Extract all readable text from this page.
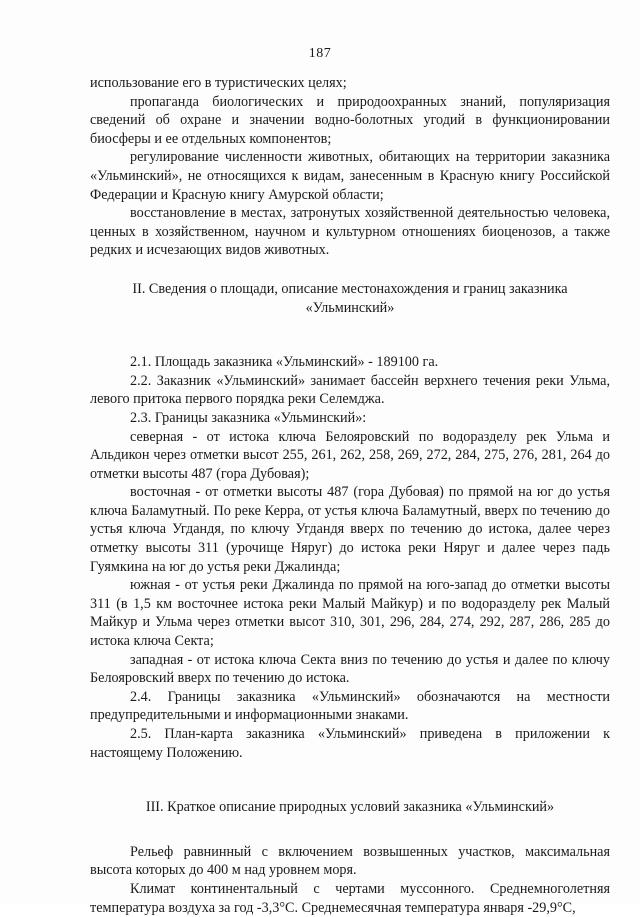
187

использование его в туристических целях;

пропаганда биологических и природоохранных знаний, популяризация сведений об охране и значении водно-болотных угодий в функционировании биосферы и ее отдельных компонентов;

регулирование численности животных, обитающих на территории заказника «Ульминский», не относящихся к видам, занесенным в Красную книгу Российской Федерации и Красную книгу Амурской области;

восстановление в местах, затронутых хозяйственной деятельностью человека, ценных в хозяйственном, научном и культурном отношениях биоценозов, а также редких и исчезающих видов животных.

II. Сведения о площади, описание местонахождения и границ заказника

«Ульминский»

2.1. Площадь заказника «Ульминский» - 189100 га.

2.2. Заказник «Ульминский» занимает бассейн верхнего течения реки Ульма, левого притока первого порядка реки Селемджа.

2.3. Границы заказника «Ульминский»:

северная - от истока ключа Белояровский по водоразделу рек Ульма и Альдикон через отметки высот 255, 261, 262, 258, 269, 272, 284, 275, 276, 281, 264 до отметки высоты 487 (гора Дубовая);

восточная - от отметки высоты 487 (гора Дубовая) по прямой на юг до устья ключа Баламутный. По реке Керра, от устья ключа Баламутный, вверх по течению до устья ключа Угдандя, по ключу Угдандя вверх по течению до истока, далее через отметку высоты 311 (урочище Няруг) до истока реки Няруг и далее через падь Гуямкина на юг до устья реки Джалинда;

южная - от устья реки Джалинда по прямой на юго-запад до отметки высоты 311 (в 1,5 км восточнее истока реки Малый Майкур) и по водоразделу рек Малый Майкур и Ульма через отметки высот 310, 301, 296, 284, 274, 292, 287, 286, 285 до истока ключа Секта;

западная - от истока ключа Секта вниз по течению до устья и далее по ключу Белояровский вверх по течению до истока.

2.4. Границы заказника «Ульминский» обозначаются на местности предупредительными и информационными знаками.

2.5. План-карта заказника «Ульминский» приведена в приложении к настоящему Положению.

III. Краткое описание природных условий заказника «Ульминский»

Рельеф равнинный с включением возвышенных участков, максимальная высота которых до 400 м над уровнем моря.

Климат континентальный с чертами муссонного. Среднемноголетняя температура воздуха за год -3,3°C. Среднемесячная температура января -29,9°C,
